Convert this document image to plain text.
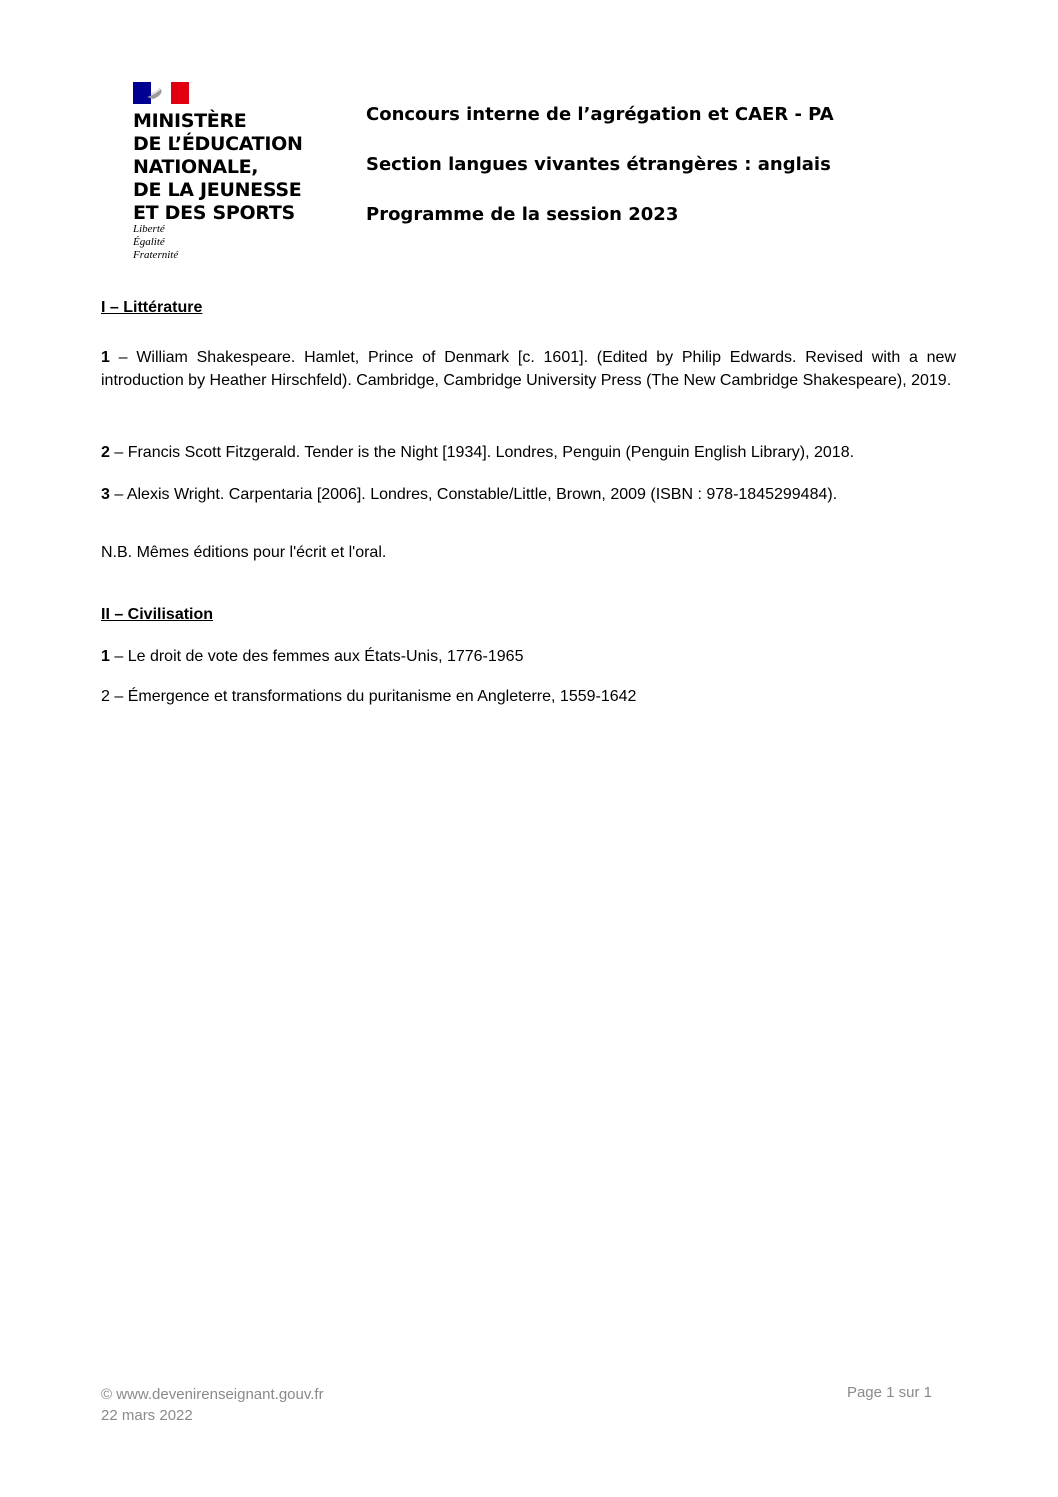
MINISTÈRE
DE L’ÉDUCATION
NATIONALE,
DE LA JEUNESSE
ET DES SPORTS
Liberté
Égalité
Fraternité
Concours interne de l’agrégation et CAER - PA
Section langues vivantes étrangères : anglais
Programme de la session 2023
I – Littérature
1 – William Shakespeare. Hamlet, Prince of Denmark [c. 1601]. (Edited by Philip Edwards. Revised with a new introduction by Heather Hirschfeld). Cambridge, Cambridge University Press (The New Cambridge Shakespeare), 2019.
2 – Francis Scott Fitzgerald. Tender is the Night [1934]. Londres, Penguin (Penguin English Library), 2018.
3 – Alexis Wright. Carpentaria [2006]. Londres, Constable/Little, Brown, 2009 (ISBN : 978-1845299484).
N.B. Mêmes éditions pour l'écrit et l'oral.
II – Civilisation
1 – Le droit de vote des femmes aux États-Unis, 1776-1965
2 – Émergence et transformations du puritanisme en Angleterre, 1559-1642
© www.devenirenseignant.gouv.fr
22 mars 2022
Page 1 sur 1
